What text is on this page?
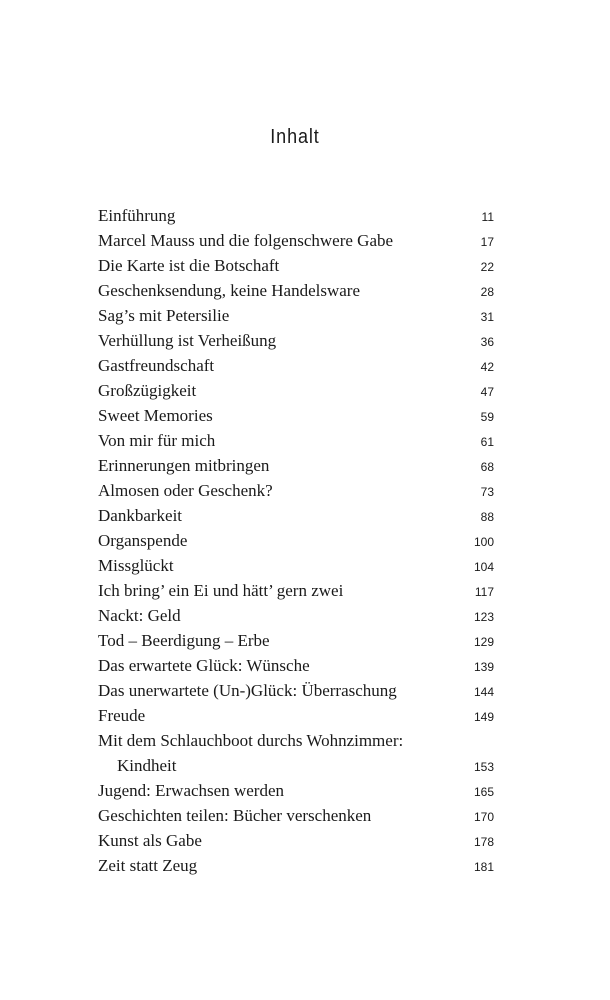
Inhalt
Einführung	11
Marcel Mauss und die folgenschwere Gabe	17
Die Karte ist die Botschaft	22
Geschenksendung, keine Handelsware	28
Sag’s mit Petersilie	31
Verhüllung ist Verheißung	36
Gastfreundschaft	42
Großzügigkeit	47
Sweet Memories	59
Von mir für mich	61
Erinnerungen mitbringen	68
Almosen oder Geschenk?	73
Dankbarkeit	88
Organspende	100
Missglückt	104
Ich bring’ ein Ei und hätt’ gern zwei	117
Nackt: Geld	123
Tod – Beerdigung – Erbe	129
Das erwartete Glück: Wünsche	139
Das unerwartete (Un-)Glück: Überraschung	144
Freude	149
Mit dem Schlauchboot durchs Wohnzimmer:
Kindheit	153
Jugend: Erwachsen werden	165
Geschichten teilen: Bücher verschenken	170
Kunst als Gabe	178
Zeit statt Zeug	181
